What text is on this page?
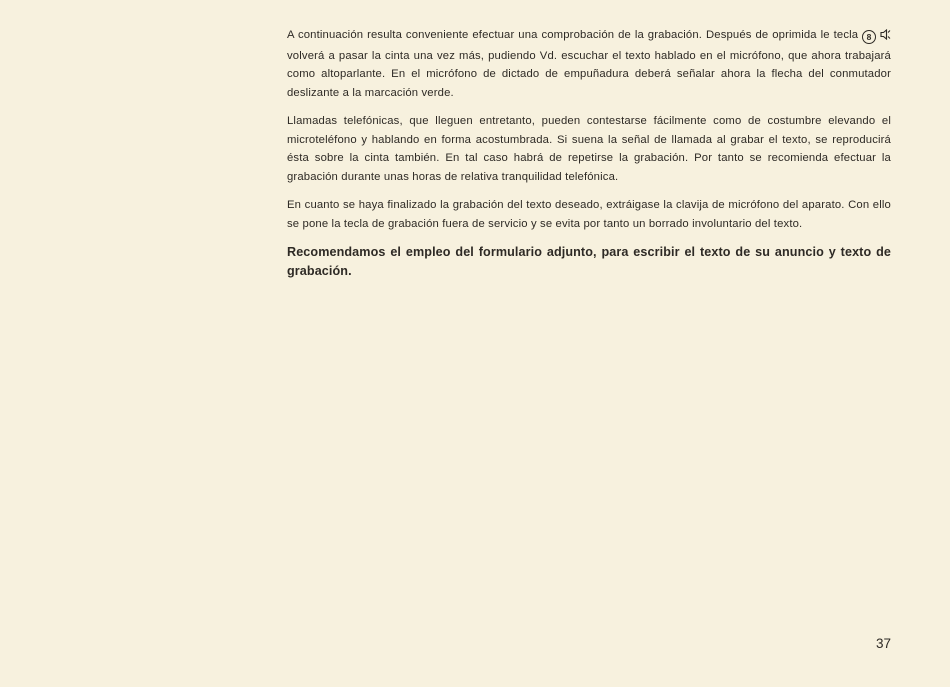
A continuación resulta conveniente efectuar una comprobación de la grabación. Después de oprimida le tecla 8  volverá a pasar la cinta una vez más, pudiendo Vd. escuchar el texto hablado en el micrófono, que ahora trabajará como altoparlante. En el micrófono de dictado de empuñadura deberá señalar ahora la flecha del conmutador deslizante a la marcación verde.

Llamadas telefónicas, que lleguen entretanto, pueden contestarse fácilmente como de costumbre elevando el microteléfono y hablando en forma acostumbrada. Si suena la señal de llamada al grabar el texto, se reproducirá ésta sobre la cinta también. En tal caso habrá de repetirse la grabación. Por tanto se recomienda efectuar la grabación durante unas horas de relativa tranquilidad telefónica.

En cuanto se haya finalizado la grabación del texto deseado, extráigase la clavija de micrófono del aparato. Con ello se pone la tecla de grabación fuera de servicio y se evita por tanto un borrado involuntario del texto.

Recomendamos el empleo del formulario adjunto, para escribir el texto de su anuncio y texto de grabación.

37
